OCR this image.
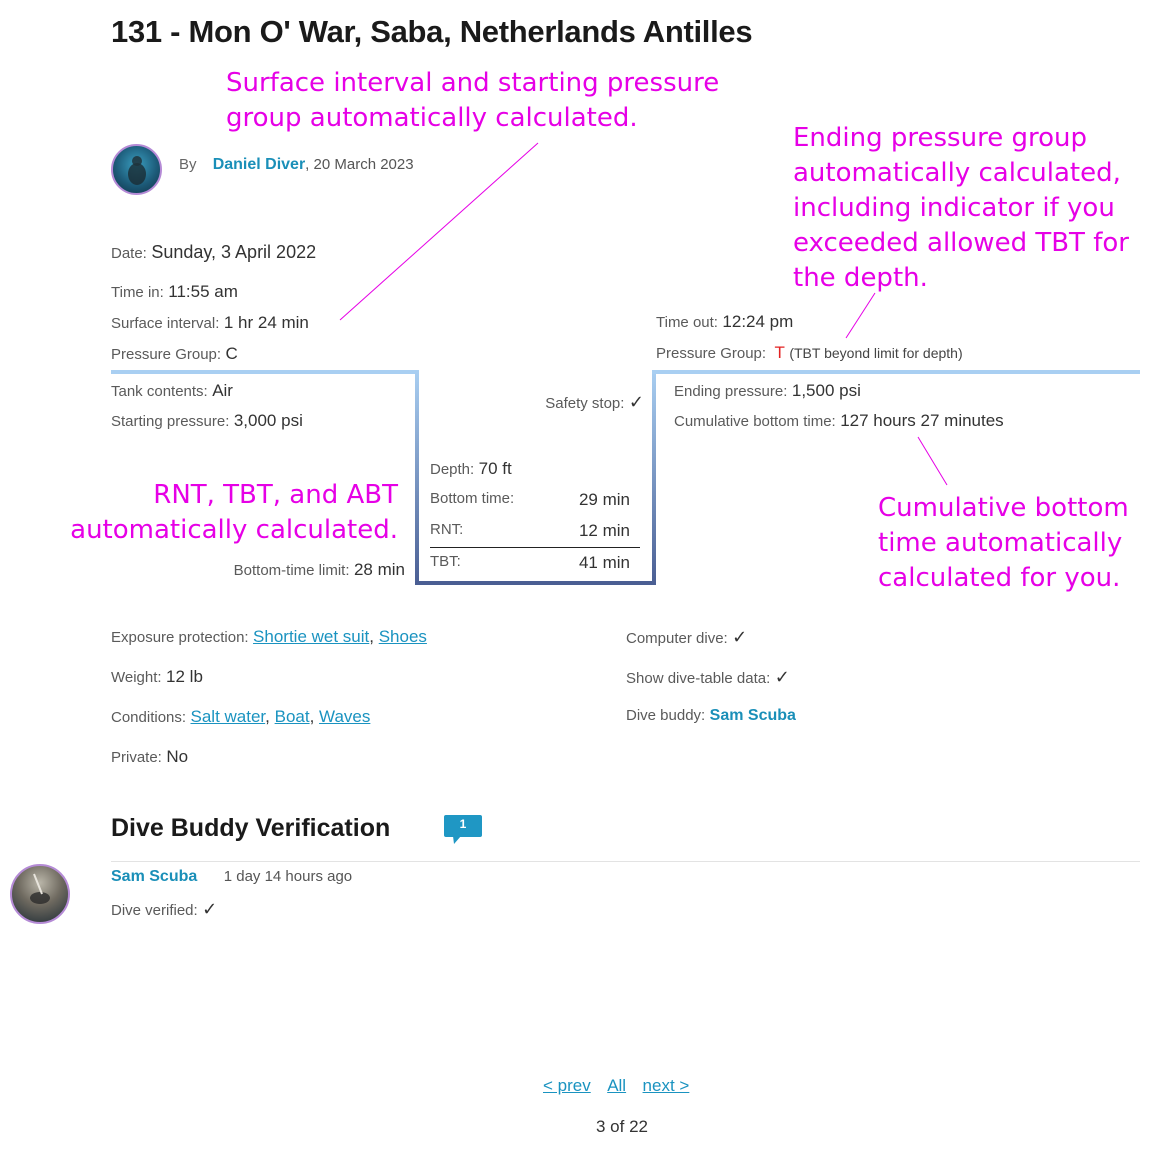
131 - Mon O' War, Saba, Netherlands Antilles
Surface interval and starting pressure
group automatically calculated.
Ending pressure group
automatically calculated,
including indicator if you
exceeded allowed TBT for
the depth.
RNT, TBT, and ABT
automatically calculated.
Cumulative bottom
time automatically
calculated for you.
By Daniel Diver, 20 March 2023
Date: Sunday, 3 April 2022
Time in: 11:55 am
Surface interval: 1 hr 24 min
Pressure Group: C
Time out: 12:24 pm
Pressure Group: T (TBT beyond limit for depth)
Tank contents: Air
Starting pressure: 3,000 psi
Bottom-time limit: 28 min
Safety stop: ✓
Ending pressure: 1,500 psi
Cumulative bottom time: 127 hours 27 minutes
Depth: 70 ft
Bottom time:	29 min
RNT:	12 min
TBT:	41 min
Exposure protection: Shortie wet suit, Shoes
Weight: 12 lb
Conditions: Salt water, Boat, Waves
Private: No
Computer dive: ✓
Show dive-table data: ✓
Dive buddy: Sam Scuba
Dive Buddy Verification	1
Sam Scuba 1 day 14 hours ago
Dive verified: ✓
< prev All next >
3 of 22
